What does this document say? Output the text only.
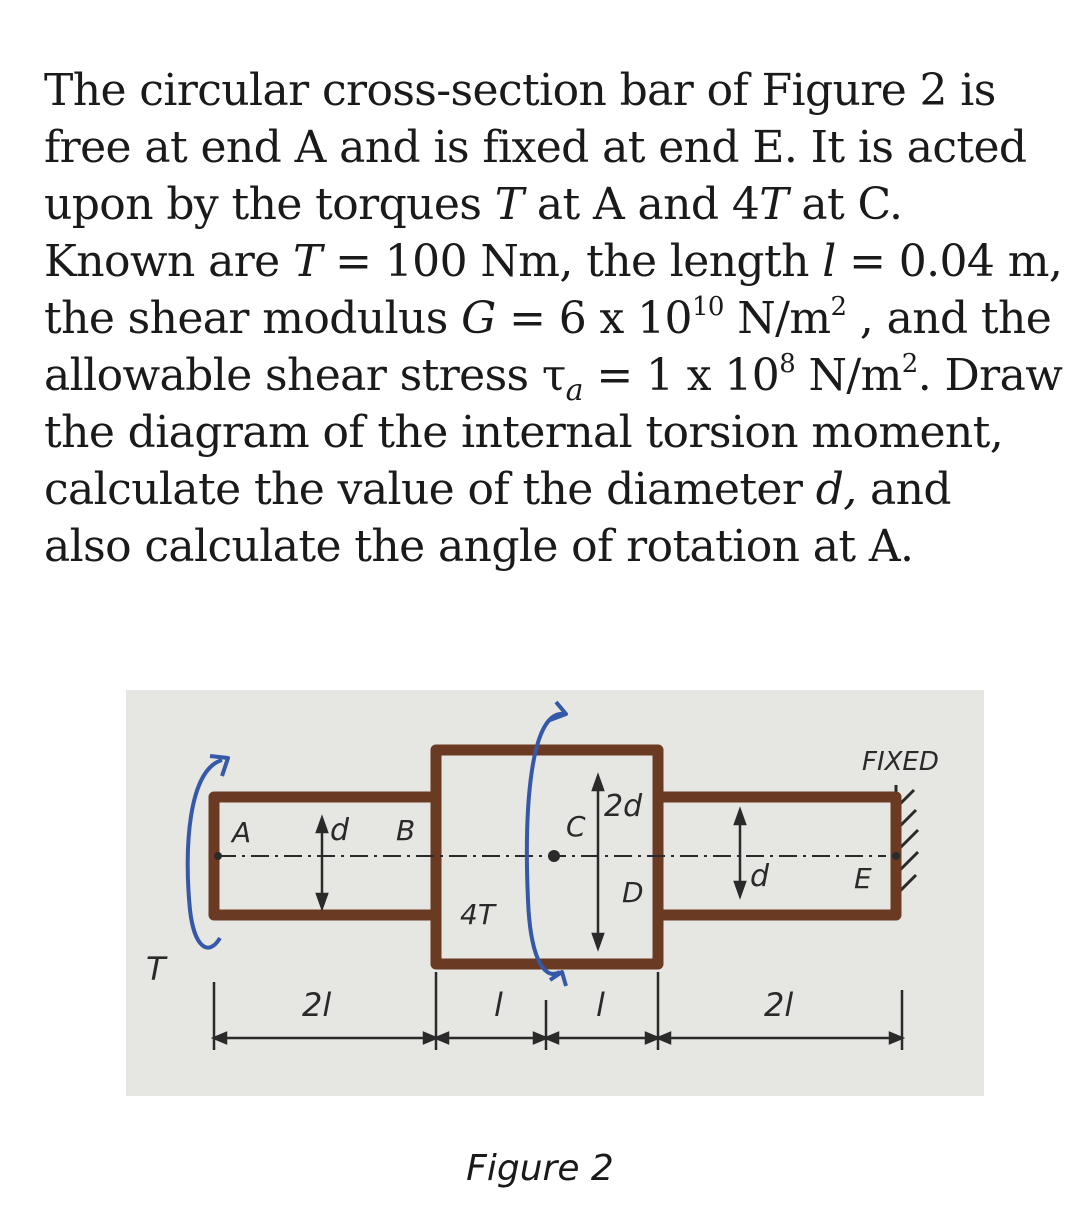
The circular cross-section bar of Figure 2 is
free at end A and is fixed at end E. It is acted
upon by the torques T at A and 4T at C.
Known are T = 100 Nm, the length l = 0.04 m,
the shear modulus G = 6 x $10^{10}$ $N/m^2$ , and the
allowable shear stress $\tau_a = 1$ x $10^8$ $N/m^2$. Draw
the diagram of the internal torsion moment,
calculate the value of the diameter d, and
also calculate the angle of rotation at A.
FIXED
A	d B	C
2d
D
4T
d	E
T
2l	l	l	2l
Figure 2
